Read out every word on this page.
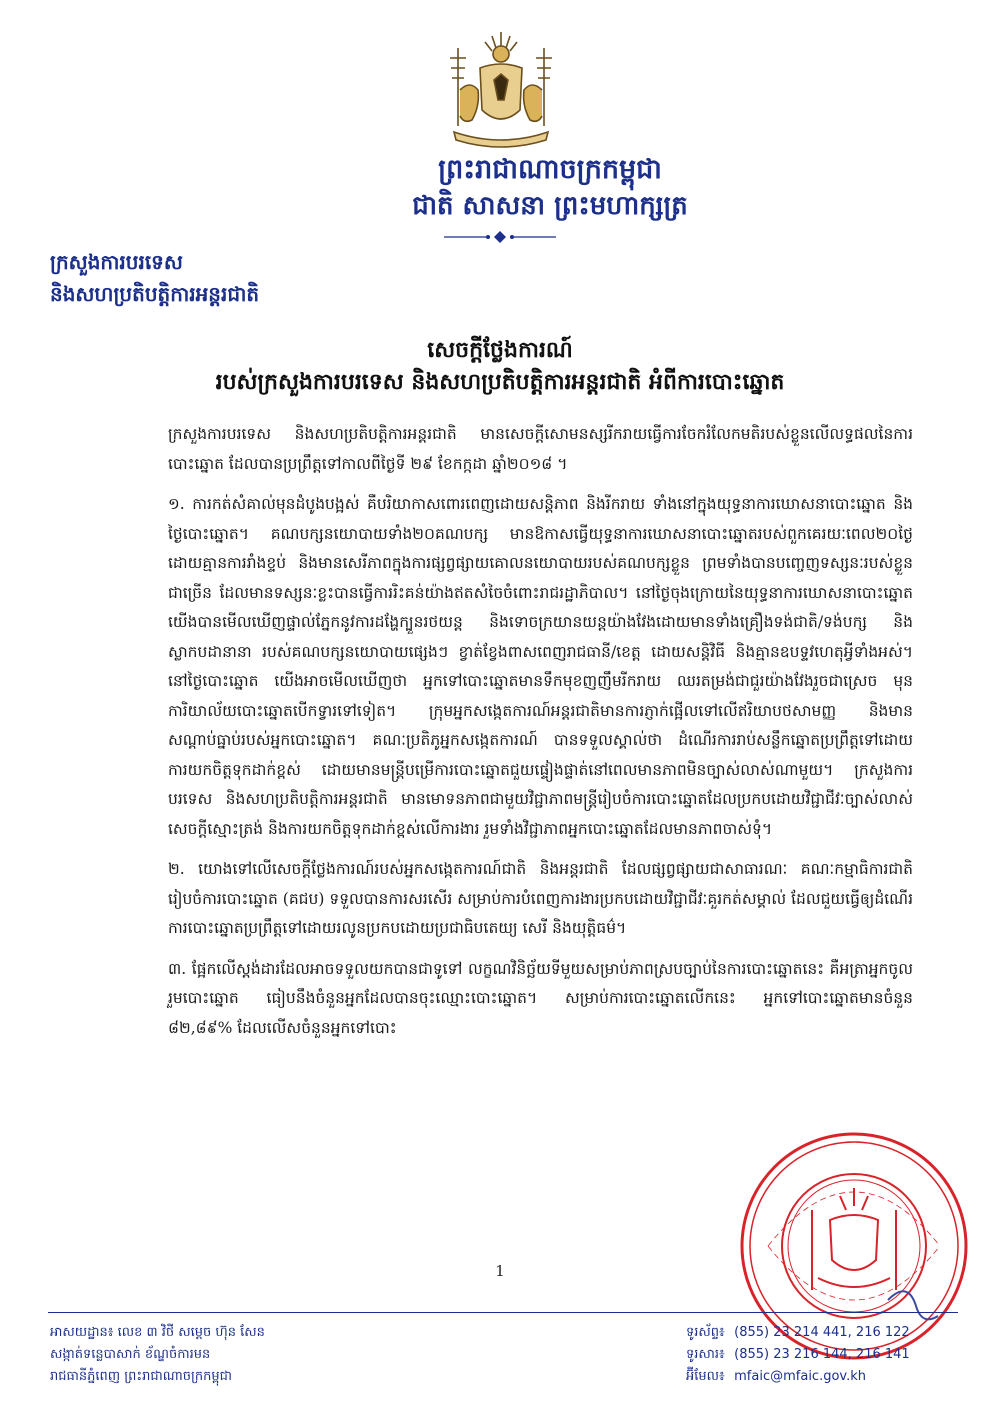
ព្រះរាជាណាចក្រកម្ពុជា
ជាតិ សាសនា ព្រះមហាក្សត្រ
ក្រសួងការបរទេស
និងសហប្រតិបត្តិការអន្តរជាតិ
សេចក្តីថ្លែងការណ៍
របស់ក្រសួងការបរទេស និងសហប្រតិបត្តិការអន្តរជាតិ អំពីការបោះឆ្នោត

ក្រសួងការបរទេស និងសហប្រតិបត្តិការអន្តរជាតិ មានសេចក្តីសោមនស្សរីករាយធ្វើការចែករំលែកមតិរបស់ខ្លួនលើលទ្ធផលនៃការបោះឆ្នោត ដែលបានប្រព្រឹត្តទៅកាលពីថ្ងៃទី ២៩ ខែកក្កដា ឆ្នាំ២០១៨ ។

១. ការកត់សំគាល់មុនដំបូងបង្អស់ គឺបរិយាកាសពោរពេញដោយសន្តិភាព និងរីករាយ ទាំងនៅក្នុងយុទ្ធនាការឃោសនាបោះឆ្នោត និងថ្ងៃបោះឆ្នោត។ គណបក្សនយោបាយទាំង២០គណបក្ស មានឱកាសធ្វើយុទ្ធនាការឃោសនាបោះឆ្នោតរបស់ពួកគេរយៈពេល២០ថ្ងៃ ដោយគ្មានការរាំងខ្ទប់ និងមានសេរីភាពក្នុងការផ្សព្វផ្សាយគោលនយោបាយរបស់គណបក្សខ្លួន ព្រមទាំងបានបញ្ចេញទស្សនៈរបស់ខ្លួនជាច្រើន ដែលមានទស្សនៈខ្លះបានធ្វើការរិះគន់យ៉ាងឥតសំចៃចំពោះរាជរដ្ឋាភិបាល។ នៅថ្ងៃចុងក្រោយនៃយុទ្ធនាការឃោសនាបោះឆ្នោត យើងបានមើលឃើញផ្ទាល់ភ្នែកនូវការដង្ហែក្បួនរថយន្ត និងទោចក្រយានយន្តយ៉ាងវែងដោយមានទាំងគ្រឿងទង់ជាតិ/ទង់បក្ស និងស្លាកបដានានា របស់គណបក្សនយោបាយផ្សេងៗ ខ្វាត់ខ្វែងពាសពេញរាជធានី/ខេត្ត ដោយសន្តិវិធី និងគ្មានឧបទ្ទវហេតុអ្វីទាំងអស់។ នៅថ្ងៃបោះឆ្នោត យើងអាចមើលឃើញថា អ្នកទៅបោះឆ្នោតមានទឹកមុខញញឹមរីករាយ ឈរតម្រង់ជាជួរយ៉ាងវែងរួចជាស្រេច មុនការិយាល័យបោះឆ្នោតបើកទ្វារទៅទៀត។ ក្រុមអ្នកសង្កេតការណ៍អន្តរជាតិមានការភ្ញាក់ផ្អើលទៅលើឥរិយាបថសាមញ្ញ និងមានសណ្តាប់ធ្នាប់របស់អ្នកបោះឆ្នោត។ គណៈប្រតិភូអ្នកសង្កេតការណ៍ បានទទួលស្គាល់ថា ដំណើរការរាប់សន្លឹកឆ្នោតប្រព្រឹត្តទៅដោយការយកចិត្តទុកដាក់ខ្ពស់ ដោយមានមន្ត្រីបម្រើការបោះឆ្នោតជួយផ្ទៀងផ្ទាត់នៅពេលមានភាពមិនច្បាស់លាស់ណាមួយ។ ក្រសួងការបរទេស និងសហប្រតិបត្តិការអន្តរជាតិ មានមោទនភាពជាមួយវិជ្ជាភាពមន្ត្រីរៀបចំការបោះឆ្នោតដែលប្រកបដោយវិជ្ជាជីវៈច្បាស់លាស់ សេចក្តីស្មោះត្រង់ និងការយកចិត្តទុកដាក់ខ្ពស់លើការងារ រួមទាំងវិជ្ជាភាពអ្នកបោះឆ្នោតដែលមានភាពចាស់ទុំ។

២. យោងទៅលើសេចក្តីថ្លែងការណ៍របស់អ្នកសង្កេតការណ៍ជាតិ និងអន្តរជាតិ ដែលផ្សព្វផ្សាយជាសាធារណៈ គណៈកម្មាធិការជាតិរៀបចំការបោះឆ្នោត (គជប) ទទួលបានការសរសើរ សម្រាប់ការបំពេញការងារប្រកបដោយវិជ្ជាជីវៈគួរកត់សម្គាល់ ដែលជួយធ្វើឲ្យដំណើរការបោះឆ្នោតប្រព្រឹត្តទៅដោយរលូនប្រកបដោយប្រជាធិបតេយ្យ សេរី និងយុត្តិធម៌។

៣. ផ្អែកលើស្តង់ដារដែលអាចទទួលយកបានជាទូទៅ លក្ខណវិនិច្ឆ័យទីមួយសម្រាប់ភាពស្របច្បាប់នៃការបោះឆ្នោតនេះ គឺអត្រាអ្នកចូលរួមបោះឆ្នោត ធៀបនឹងចំនួនអ្នកដែលបានចុះឈ្មោះបោះឆ្នោត។ សម្រាប់ការបោះឆ្នោតលើកនេះ អ្នកទៅបោះឆ្នោតមានចំនួន ៨២,៨៩% ដែលលើសចំនួនអ្នកទៅបោះ

1
អាសយដ្ឋាន៖ លេខ ៣ វិថី សម្តេច ហ៊ុន សែន
សង្កាត់ទន្លេបាសាក់ ខ័ណ្ឌចំការមន
រាជធានីភ្នំពេញ ព្រះរាជាណាចក្រកម្ពុជា
ទូរស័ព្ទ៖ (855) 23 214 441, 216 122
ទូរសារ៖ (855) 23 216 144, 216 141
អ៊ីមែល៖ mfaic@mfaic.gov.kh
